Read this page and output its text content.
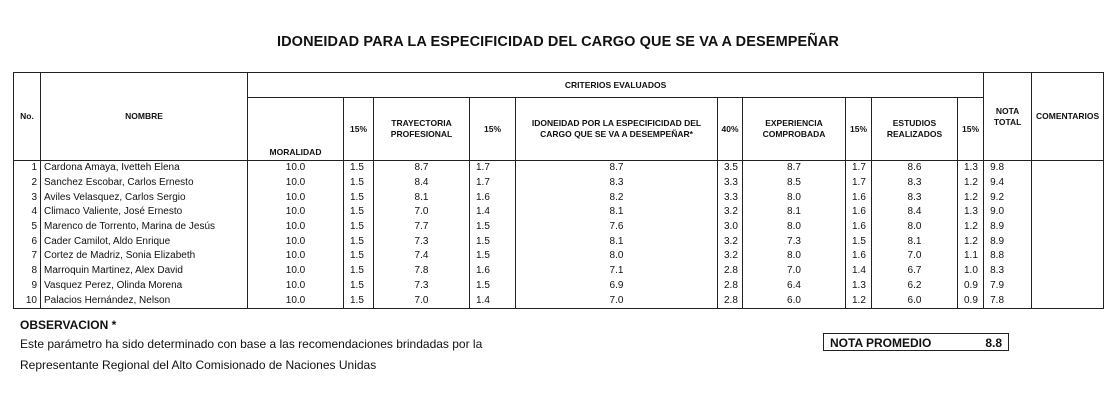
IDONEIDAD PARA LA ESPECIFICIDAD DEL CARGO QUE SE VA A DESEMPEÑAR
No.	NOMBRE	CRITERIOS EVALUADOS										NOTA TOTAL	COMENTARIOS
		MORALIDAD	15%	TRAYECTORIA PROFESIONAL	15%	IDONEIDAD POR LA ESPECIFICIDAD DEL CARGO QUE SE VA A DESEMPEÑAR*	40%	EXPERIENCIA COMPROBADA	15%	ESTUDIOS REALIZADOS	15%		
1	Cardona Amaya, Ivetteh Elena	10.0	1.5	8.7	1.7	8.7	3.5	8.7	1.7	8.6	1.3	9.8	
2	Sanchez Escobar, Carlos Ernesto	10.0	1.5	8.4	1.7	8.3	3.3	8.5	1.7	8.3	1.2	9.4	
3	Aviles Velasquez, Carlos Sergio	10.0	1.5	8.1	1.6	8.2	3.3	8.0	1.6	8.3	1.2	9.2	
4	Climaco Valiente, José Ernesto	10.0	1.5	7.0	1.4	8.1	3.2	8.1	1.6	8.4	1.3	9.0	
5	Marenco de Torrento, Marina de Jesús	10.0	1.5	7.7	1.5	7.6	3.0	8.0	1.6	8.0	1.2	8.9	
6	Cader Camilot, Aldo Enrique	10.0	1.5	7.3	1.5	8.1	3.2	7.3	1.5	8.1	1.2	8.9	
7	Cortez de Madriz, Sonia Elizabeth	10.0	1.5	7.4	1.5	8.0	3.2	8.0	1.6	7.0	1.1	8.8	
8	Marroquin Martinez, Alex David	10.0	1.5	7.8	1.6	7.1	2.8	7.0	1.4	6.7	1.0	8.3	
9	Vasquez Perez, Olinda Morena	10.0	1.5	7.3	1.5	6.9	2.8	6.4	1.3	6.2	0.9	7.9	
10	Palacios Hernández, Nelson	10.0	1.5	7.0	1.4	7.0	2.8	6.0	1.2	6.0	0.9	7.8	
OBSERVACION *
Este parámetro ha sido determinado con base a las recomendaciones brindadas por la
Representante Regional del Alto Comisionado de Naciones Unidas
NOTA PROMEDIO	8.8
